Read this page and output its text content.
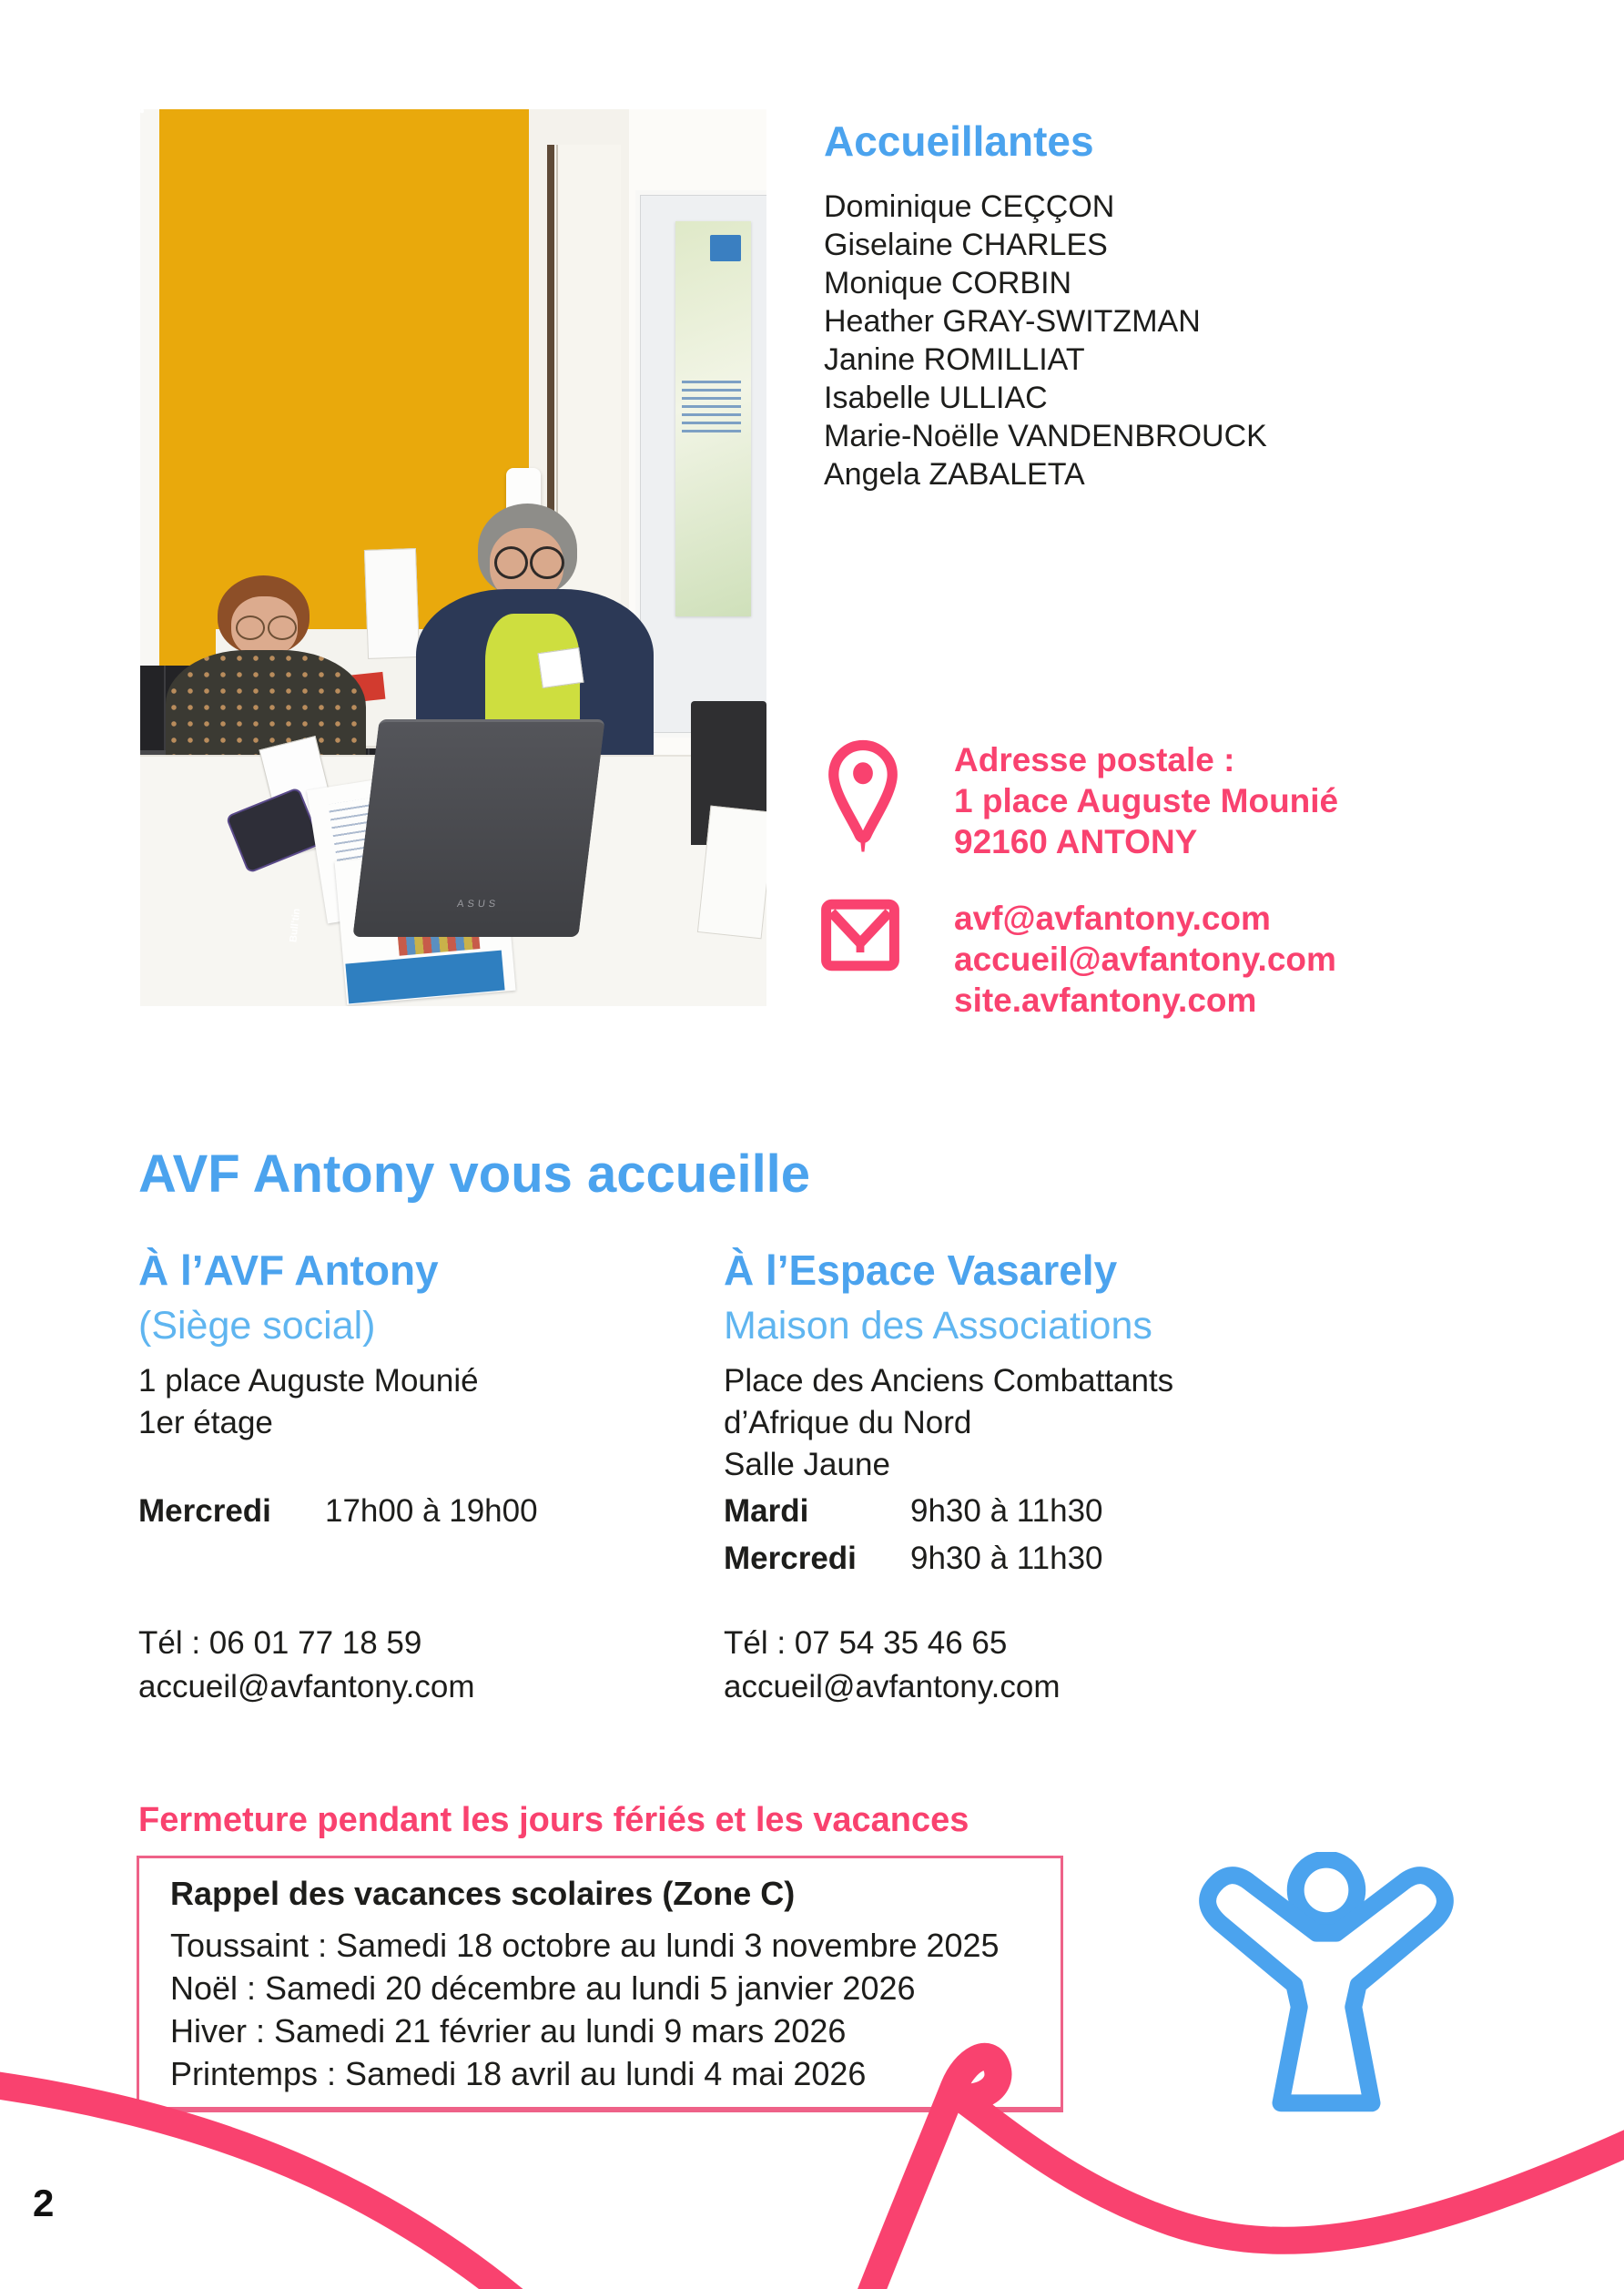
Bull’tin
ASUS
Accueillantes
Dominique CEÇÇON
Giselaine CHARLES
Monique CORBIN
Heather GRAY-SWITZMAN
Janine ROMILLIAT
Isabelle ULLIAC
Marie-Noëlle VANDENBROUCK
Angela ZABALETA
Adresse postale :
1 place Auguste Mounié
92160 ANTONY
avf@avfantony.com
accueil@avfantony.com
site.avfantony.com
AVF Antony vous accueille
À l’AVF Antony
(Siège social)
1 place Auguste Mounié
1er étage
Mercredi 17h00 à 19h00
Tél : 06 01 77 18 59
accueil@avfantony.com
À l’Espace Vasarely
Maison des Associations
Place des Anciens Combattants
d’Afrique du Nord
Salle Jaune
Mardi	9h30 à 11h30
Mercredi 9h30 à 11h30
Tél : 07 54 35 46 65
accueil@avfantony.com
Fermeture pendant les jours fériés et les vacances
Rappel des vacances scolaires (Zone C)
Toussaint : Samedi 18 octobre au lundi 3 novembre 2025
Noël : Samedi 20 décembre au lundi 5 janvier 2026
Hiver : Samedi 21 février au lundi 9 mars 2026
Printemps : Samedi 18 avril au lundi 4 mai 2026
2
